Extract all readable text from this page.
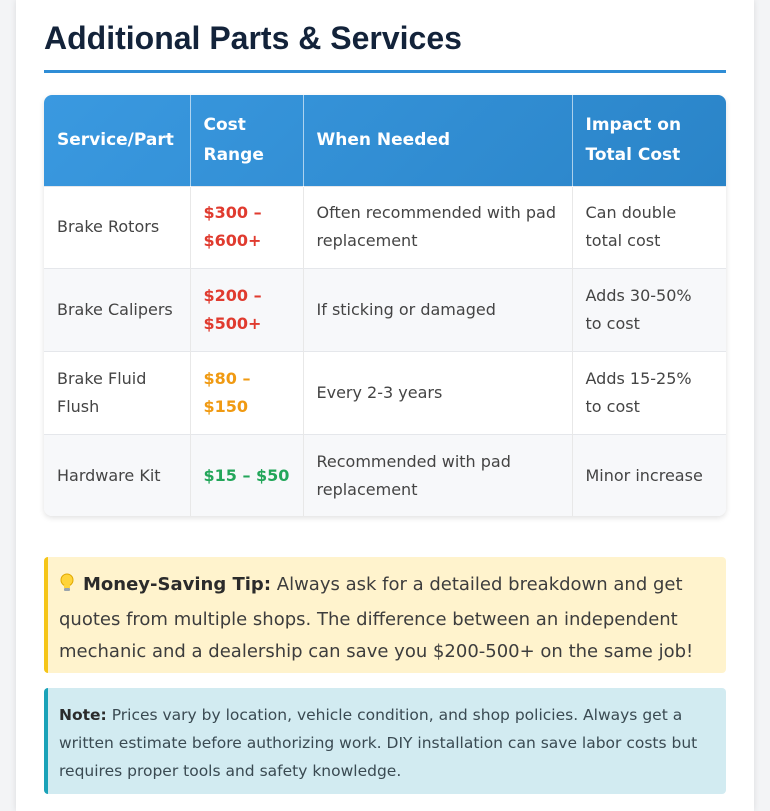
Additional Parts & Services
Service/Part	Cost Range	When Needed	Impact on Total Cost
Brake Rotors	$300 – $600+	Often recommended with pad replacement	Can double total cost
Brake Calipers	$200 – $500+	If sticking or damaged	Adds 30-50% to cost
Brake Fluid Flush	$80 – $150	Every 2-3 years	Adds 15-25% to cost
Hardware Kit	$15 – $50	Recommended with pad replacement	Minor increase
Money-Saving Tip: Always ask for a detailed breakdown and get quotes from multiple shops. The difference between an independent mechanic and a dealership can save you $200-500+ on the same job!
Note: Prices vary by location, vehicle condition, and shop policies. Always get a written estimate before authorizing work. DIY installation can save labor costs but requires proper tools and safety knowledge.
